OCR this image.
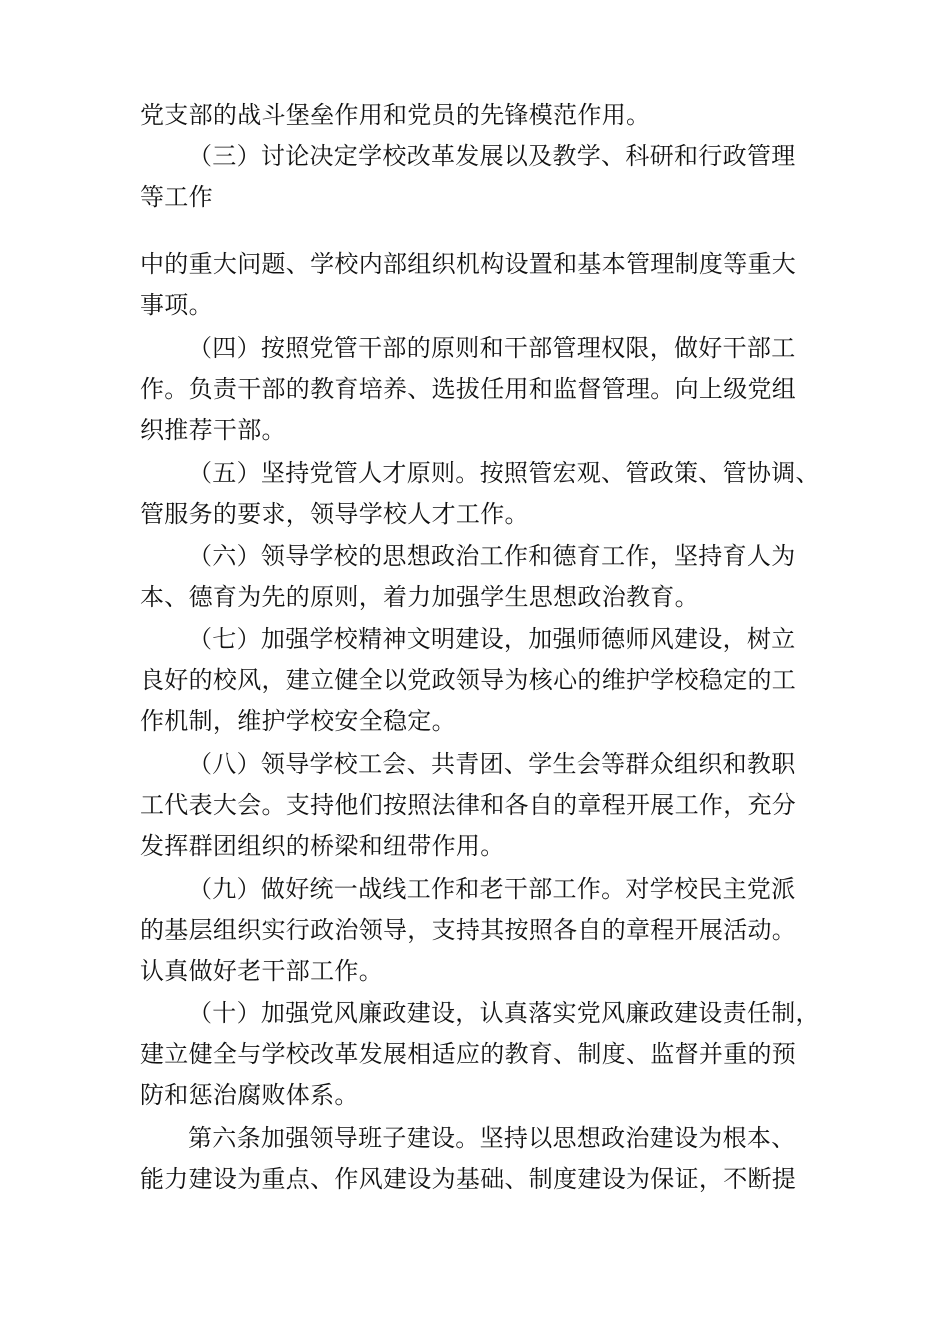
党支部的战斗堡垒作用和党员的先锋模范作用。
（三）讨论决定学校改革发展以及教学、科研和行政管理
等工作
中的重大问题、学校内部组织机构设置和基本管理制度等重大
事项。
（四）按照党管干部的原则和干部管理权限，做好干部工
作。负责干部的教育培养、选拔任用和监督管理。向上级党组
织推荐干部。
（五）坚持党管人才原则。按照管宏观、管政策、管协调、
管服务的要求，领导学校人才工作。
（六）领导学校的思想政治工作和德育工作，坚持育人为
本、德育为先的原则，着力加强学生思想政治教育。
（七）加强学校精神文明建设，加强师德师风建设，树立
良好的校风，建立健全以党政领导为核心的维护学校稳定的工
作机制，维护学校安全稳定。
（八）领导学校工会、共青团、学生会等群众组织和教职
工代表大会。支持他们按照法律和各自的章程开展工作，充分
发挥群团组织的桥梁和纽带作用。
（九）做好统一战线工作和老干部工作。对学校民主党派
的基层组织实行政治领导，支持其按照各自的章程开展活动。
认真做好老干部工作。
（十）加强党风廉政建设，认真落实党风廉政建设责任制，
建立健全与学校改革发展相适应的教育、制度、监督并重的预
防和惩治腐败体系。
第六条加强领导班子建设。坚持以思想政治建设为根本、
能力建设为重点、作风建设为基础、制度建设为保证，不断提
